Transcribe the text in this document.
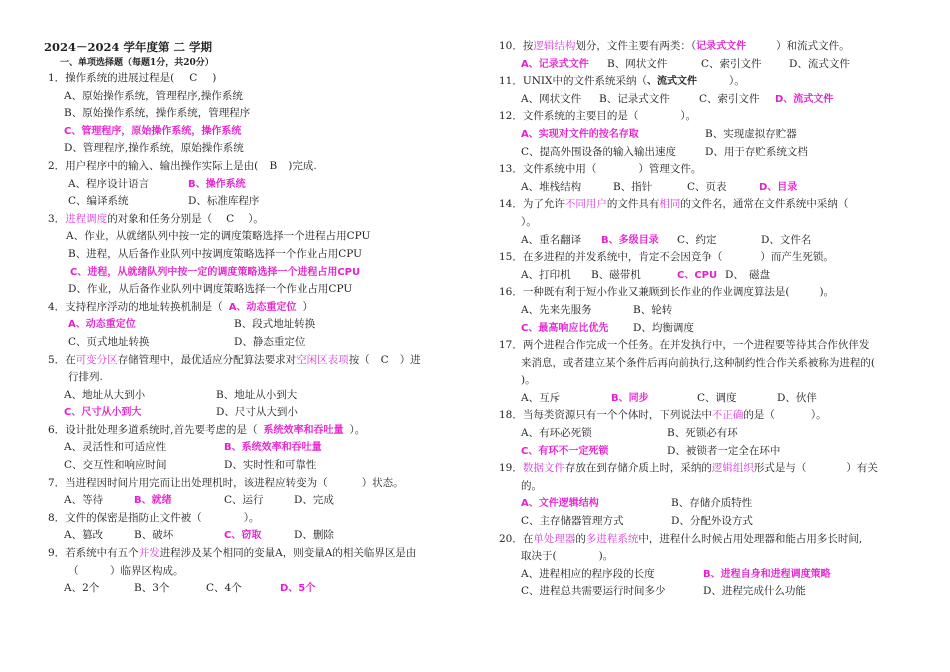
2024－2024 学年度第 二 学期
一、单项选择题（每题1分，共20分）
1．操作系统的进展过程是( C )
A、原始操作系统，管理程序,操作系统
B、原始操作系统，操作系统，管理程序
C、管理程序，原始操作系统，操作系统
D、管理程序,操作系统，原始操作系统
2．用户程序中的输入、输出操作实际上是由( B )完成.
A、程序设计语言	B、操作系统
C、编译系统	D、标准库程序
3．进程调度的对象和任务分别是（ C ）。
A、作业，从就绪队列中按一定的调度策略选择一个进程占用CPU
B、进程，从后备作业队列中按调度策略选择一个作业占用CPU
C、进程，从就绪队列中按一定的调度策略选择一个进程占用CPU
D、作业，从后备作业队列中调度策略选择一个作业占用CPU
4．支持程序浮动的地址转换机制是（ A、动态重定位 ）
A、动态重定位	B、段式地址转换
C、页式地址转换	D、静态重定位
5．在可变分区存储管理中，最优适应分配算法要求对空闲区表项按（ C ）进
行排列.
A、地址从大到小	B、地址从小到大
C、尺寸从小到大	D、尺寸从大到小
6．设计批处理多道系统时,首先要考虑的是（ 系统效率和吞吐量 ）。
A、灵活性和可适应性	B、系统效率和吞吐量
C、交互性和响应时间	D、实时性和可靠性
7．当进程因时间片用完而让出处理机时，该进程应转变为（	）状态。
A、等待	B、就绪	C、运行	D、完成
8．文件的保密是指防止文件被（	）。
A、篡改	B、破坏	C、窃取	D、删除
9．若系统中有五个并发进程涉及某个相同的变量A，则变量A的相关临界区是由
（　　　）临界区构成。
A、2个	B、3个	C、4个	D、5个
10．按逻辑结构划分，文件主要有两类：（记录式文件	）和流式文件。
A、记录式文件	B、网状文件	C、索引文件	D、流式文件
11．UNIX中的文件系统采纳（、流式文件	）。
A、网状文件	B、记录式文件	C、索引文件	D、流式文件
12．文件系统的主要目的是（	）。
A、实现对文件的按名存取	B、实现虚拟存贮器
C、提高外围设备的输入输出速度	D、用于存贮系统文档
13．文件系统中用（	）管理文件。
A、堆栈结构	B、指针	C、页表	D、目录
14．为了允许不同用户的文件具有相同的文件名，通常在文件系统中采纳（
）。
A、重名翻译	B、多级目录	C、约定	D、文件名
15．在多进程的并发系统中，肯定不会因竞争（	）而产生死锁。
A、打印机	B、磁带机	C、CPU D、　磁盘
16．一种既有利于短小作业又兼顾到长作业的作业调度算法是(	)。
A、先来先服务	B、轮转
C、最高响应比优先	D、均衡调度
17．两个进程合作完成一个任务。在并发执行中，一个进程要等待其合作伙伴发
来消息，或者建立某个条件后再向前执行,这种制约性合作关系被称为进程的(
)。
A、互斥	B、同步	C、调度	D、伙伴
18．当每类资源只有一个个体时，下列说法中不正确的是（	）。
A、有环必死锁	B、死锁必有环
C、有环不一定死锁	D、被锁者一定全在环中
19．数据文件存放在到存储介质上时，采纳的逻辑组织形式是与（	）有关
的。
A、文件逻辑结构	B、存储介质特性
C、主存储器管理方式	D、分配外设方式
20．在单处理器的多进程系统中，进程什么时候占用处理器和能占用多长时间,
取决于(　　　　)。
A、进程相应的程序段的长度	B、进程自身和进程调度策略
C、进程总共需要运行时间多少	D、进程完成什么功能
